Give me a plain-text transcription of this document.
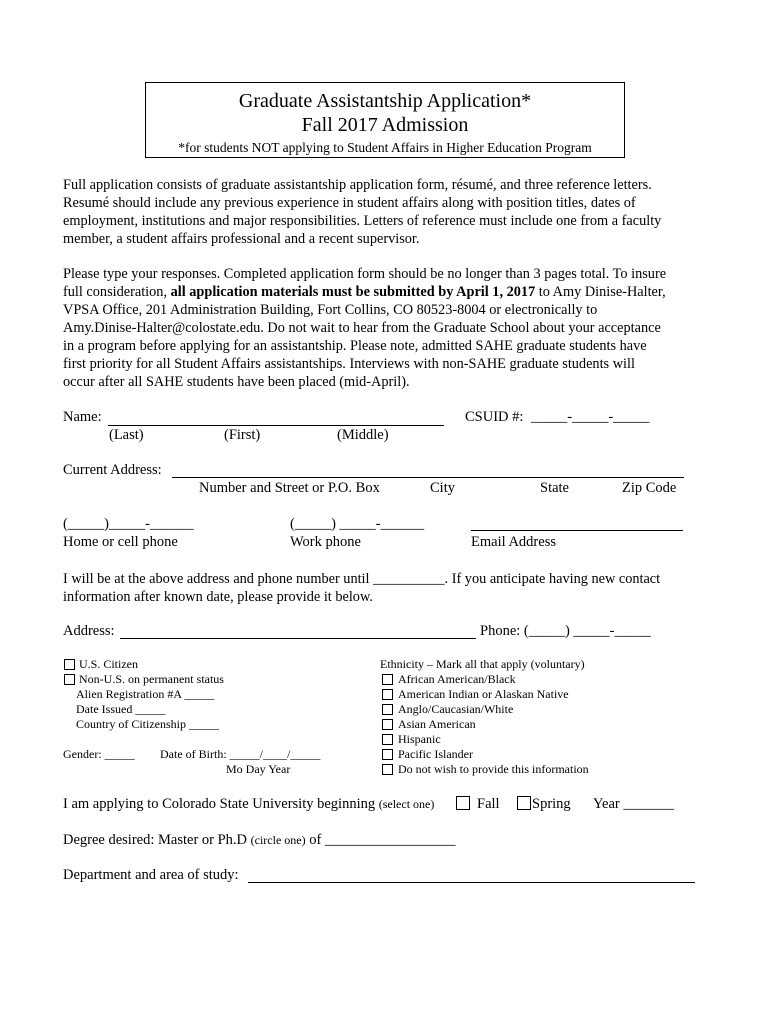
Graduate Assistantship Application*
Fall 2017 Admission
*for students NOT applying to Student Affairs in Higher Education Program
Full application consists of graduate assistantship application form, résumé, and three reference letters.
Resumé should include any previous experience in student affairs along with position titles, dates of
employment, institutions and major responsibilities. Letters of reference must include one from a faculty
member, a student affairs professional and a recent supervisor.
Please type your responses. Completed application form should be no longer than 3 pages total. To insure
full consideration, all application materials must be submitted by April 1, 2017 to Amy Dinise-Halter,
VPSA Office, 201 Administration Building, Fort Collins, CO 80523-8004 or electronically to
Amy.Dinise-Halter@colostate.edu. Do not wait to hear from the Graduate School about your acceptance
in a program before applying for an assistantship. Please note, admitted SAHE graduate students have
first priority for all Student Affairs assistantships. Interviews with non-SAHE graduate students will
occur after all SAHE students have been placed (mid-April).
Name:	CSUID #: _____-_____-_____
(Last)	(First)	(Middle)
Current Address:
Number and Street or P.O. Box	City	State	Zip Code
(_____)_____-______
Home or cell phone
(_____) _____-______
Work phone	Email Address
I will be at the above address and phone number until __________. If you anticipate having new contact
information after known date, please provide it below.
Address:	Phone: (_____) _____-_____
U.S. Citizen
Non-U.S. on permanent status
Alien Registration #A _____
Date Issued _____
Country of Citizenship _____
Gender: _____ Date of Birth: _____/____/_____
Mo Day Year
Ethnicity – Mark all that apply (voluntary)
African American/Black
American Indian or Alaskan Native
Anglo/Caucasian/White
Asian American
Hispanic
Pacific Islander
Do not wish to provide this information
I am applying to Colorado State University beginning (select one)	Fall Spring Year _______
Degree desired: Master or Ph.D (circle one) of __________________
Department and area of study:
